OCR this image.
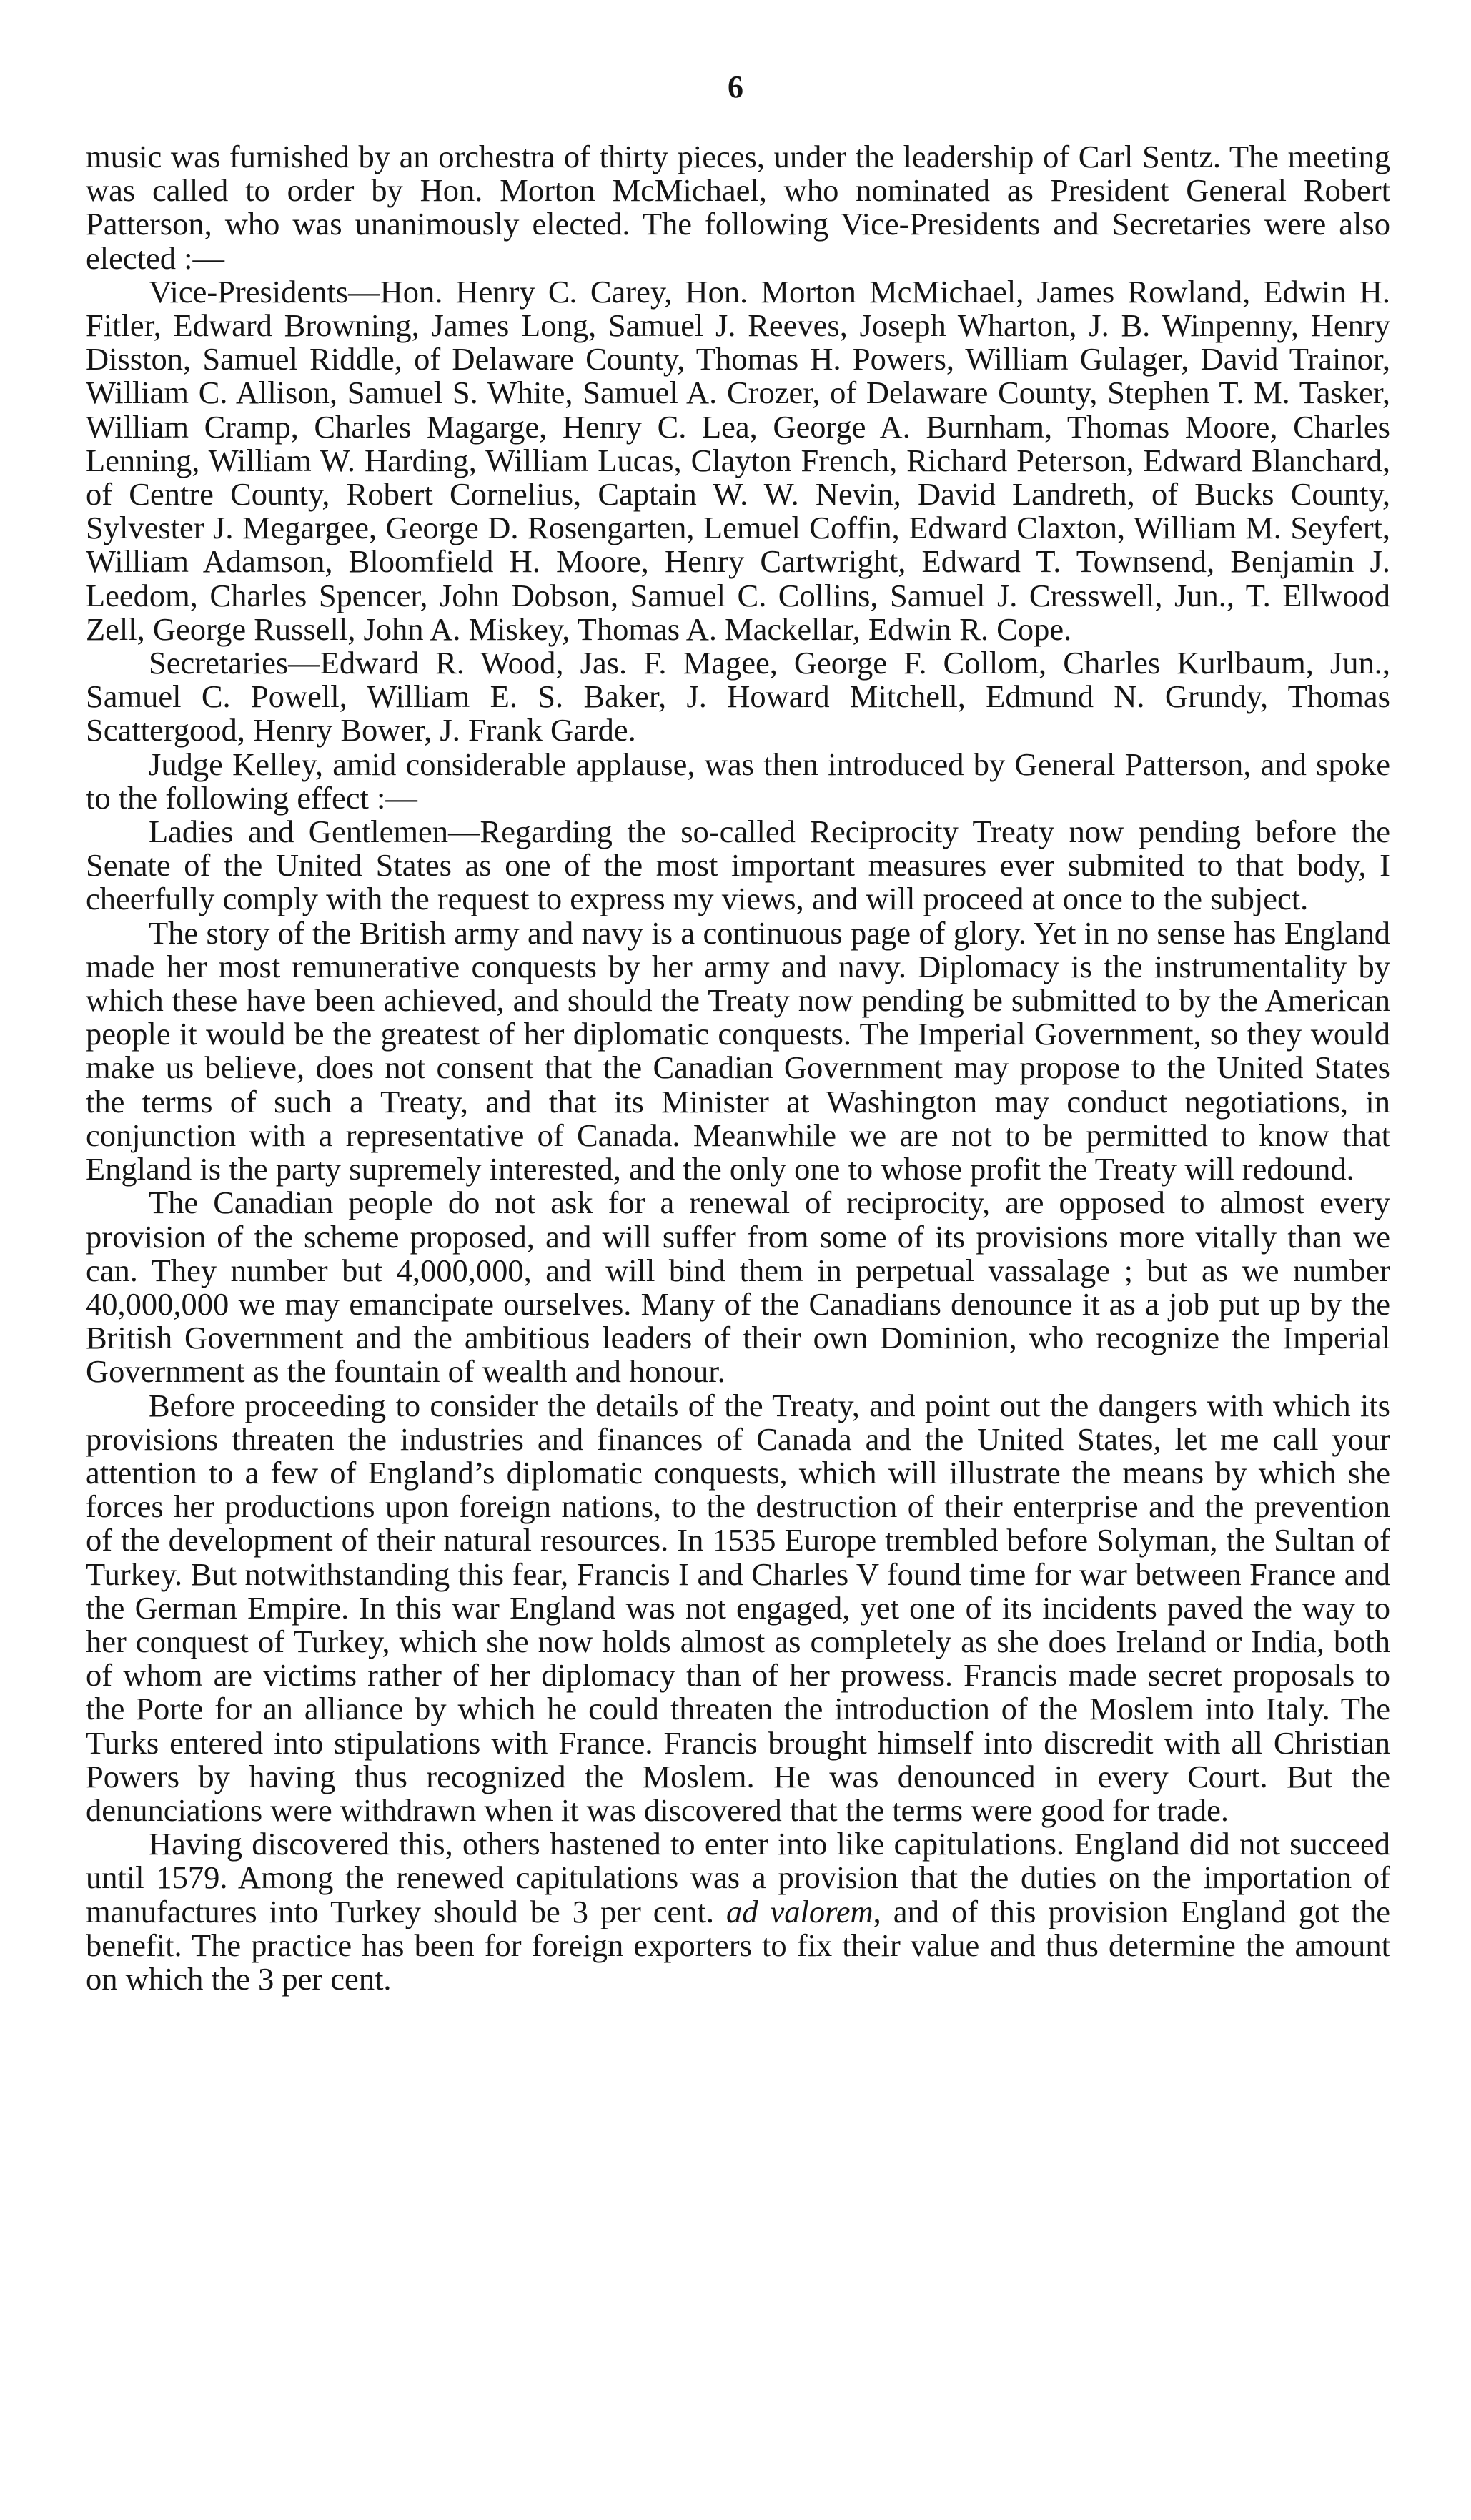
6

music was furnished by an orchestra of thirty pieces, under the leadership of Carl Sentz. The meeting was called to order by Hon. Morton McMichael, who nominated as President General Robert Patterson, who was unanimously elected. The following Vice-Presidents and Secretaries were also elected :—

Vice-Presidents—Hon. Henry C. Carey, Hon. Morton McMichael, James Rowland, Edwin H. Fitler, Edward Browning, James Long, Samuel J. Reeves, Joseph Wharton, J. B. Winpenny, Henry Disston, Samuel Riddle, of Delaware County, Thomas H. Powers, William Gulager, David Trainor, William C. Allison, Samuel S. White, Samuel A. Crozer, of Delaware County, Stephen T. M. Tasker, William Cramp, Charles Magarge, Henry C. Lea, George A. Burnham, Thomas Moore, Charles Lenning, William W. Harding, William Lucas, Clayton French, Richard Peterson, Edward Blanchard, of Centre County, Robert Cornelius, Captain W. W. Nevin, David Landreth, of Bucks County, Sylvester J. Megargee, George D. Rosengarten, Lemuel Coffin, Edward Claxton, William M. Seyfert, William Adamson, Bloomfield H. Moore, Henry Cartwright, Edward T. Townsend, Benjamin J. Leedom, Charles Spencer, John Dobson, Samuel C. Collins, Samuel J. Cresswell, Jun., T. Ellwood Zell, George Russell, John A. Miskey, Thomas A. Mackellar, Edwin R. Cope.

Secretaries—Edward R. Wood, Jas. F. Magee, George F. Collom, Charles Kurlbaum, Jun., Samuel C. Powell, William E. S. Baker, J. Howard Mitchell, Edmund N. Grundy, Thomas Scattergood, Henry Bower, J. Frank Garde.

Judge Kelley, amid considerable applause, was then introduced by General Patterson, and spoke to the following effect :—

Ladies and Gentlemen—Regarding the so-called Reciprocity Treaty now pending before the Senate of the United States as one of the most important measures ever submited to that body, I cheerfully comply with the request to express my views, and will proceed at once to the subject.

The story of the British army and navy is a continuous page of glory. Yet in no sense has England made her most remunerative conquests by her army and navy. Diplomacy is the instrumentality by which these have been achieved, and should the Treaty now pending be submitted to by the American people it would be the greatest of her diplomatic conquests. The Imperial Government, so they would make us believe, does not consent that the Canadian Government may propose to the United States the terms of such a Treaty, and that its Minister at Washington may conduct negotiations, in conjunction with a representative of Canada. Meanwhile we are not to be permitted to know that England is the party supremely interested, and the only one to whose profit the Treaty will redound.

The Canadian people do not ask for a renewal of reciprocity, are opposed to almost every provision of the scheme proposed, and will suffer from some of its provisions more vitally than we can. They number but 4,000,000, and will bind them in perpetual vassalage ; but as we number 40,000,000 we may emancipate ourselves. Many of the Canadians denounce it as a job put up by the British Government and the ambitious leaders of their own Dominion, who recognize the Imperial Government as the fountain of wealth and honour.

Before proceeding to consider the details of the Treaty, and point out the dangers with which its provisions threaten the industries and finances of Canada and the United States, let me call your attention to a few of England’s diplomatic conquests, which will illustrate the means by which she forces her productions upon foreign nations, to the destruction of their enterprise and the prevention of the development of their natural resources. In 1535 Europe trembled before Solyman, the Sultan of Turkey. But notwithstanding this fear, Francis I and Charles V found time for war between France and the German Empire. In this war England was not engaged, yet one of its incidents paved the way to her conquest of Turkey, which she now holds almost as completely as she does Ireland or India, both of whom are victims rather of her diplomacy than of her prowess. Francis made secret proposals to the Porte for an alliance by which he could threaten the introduction of the Moslem into Italy. The Turks entered into stipulations with France. Francis brought himself into discredit with all Christian Powers by having thus recognized the Moslem. He was denounced in every Court. But the denunciations were withdrawn when it was discovered that the terms were good for trade.

Having discovered this, others hastened to enter into like capitulations. England did not succeed until 1579. Among the renewed capitulations was a provision that the duties on the importation of manufactures into Turkey should be 3 per cent. ad valorem, and of this provision England got the benefit. The practice has been for foreign exporters to fix their value and thus determine the amount on which the 3 per cent.
